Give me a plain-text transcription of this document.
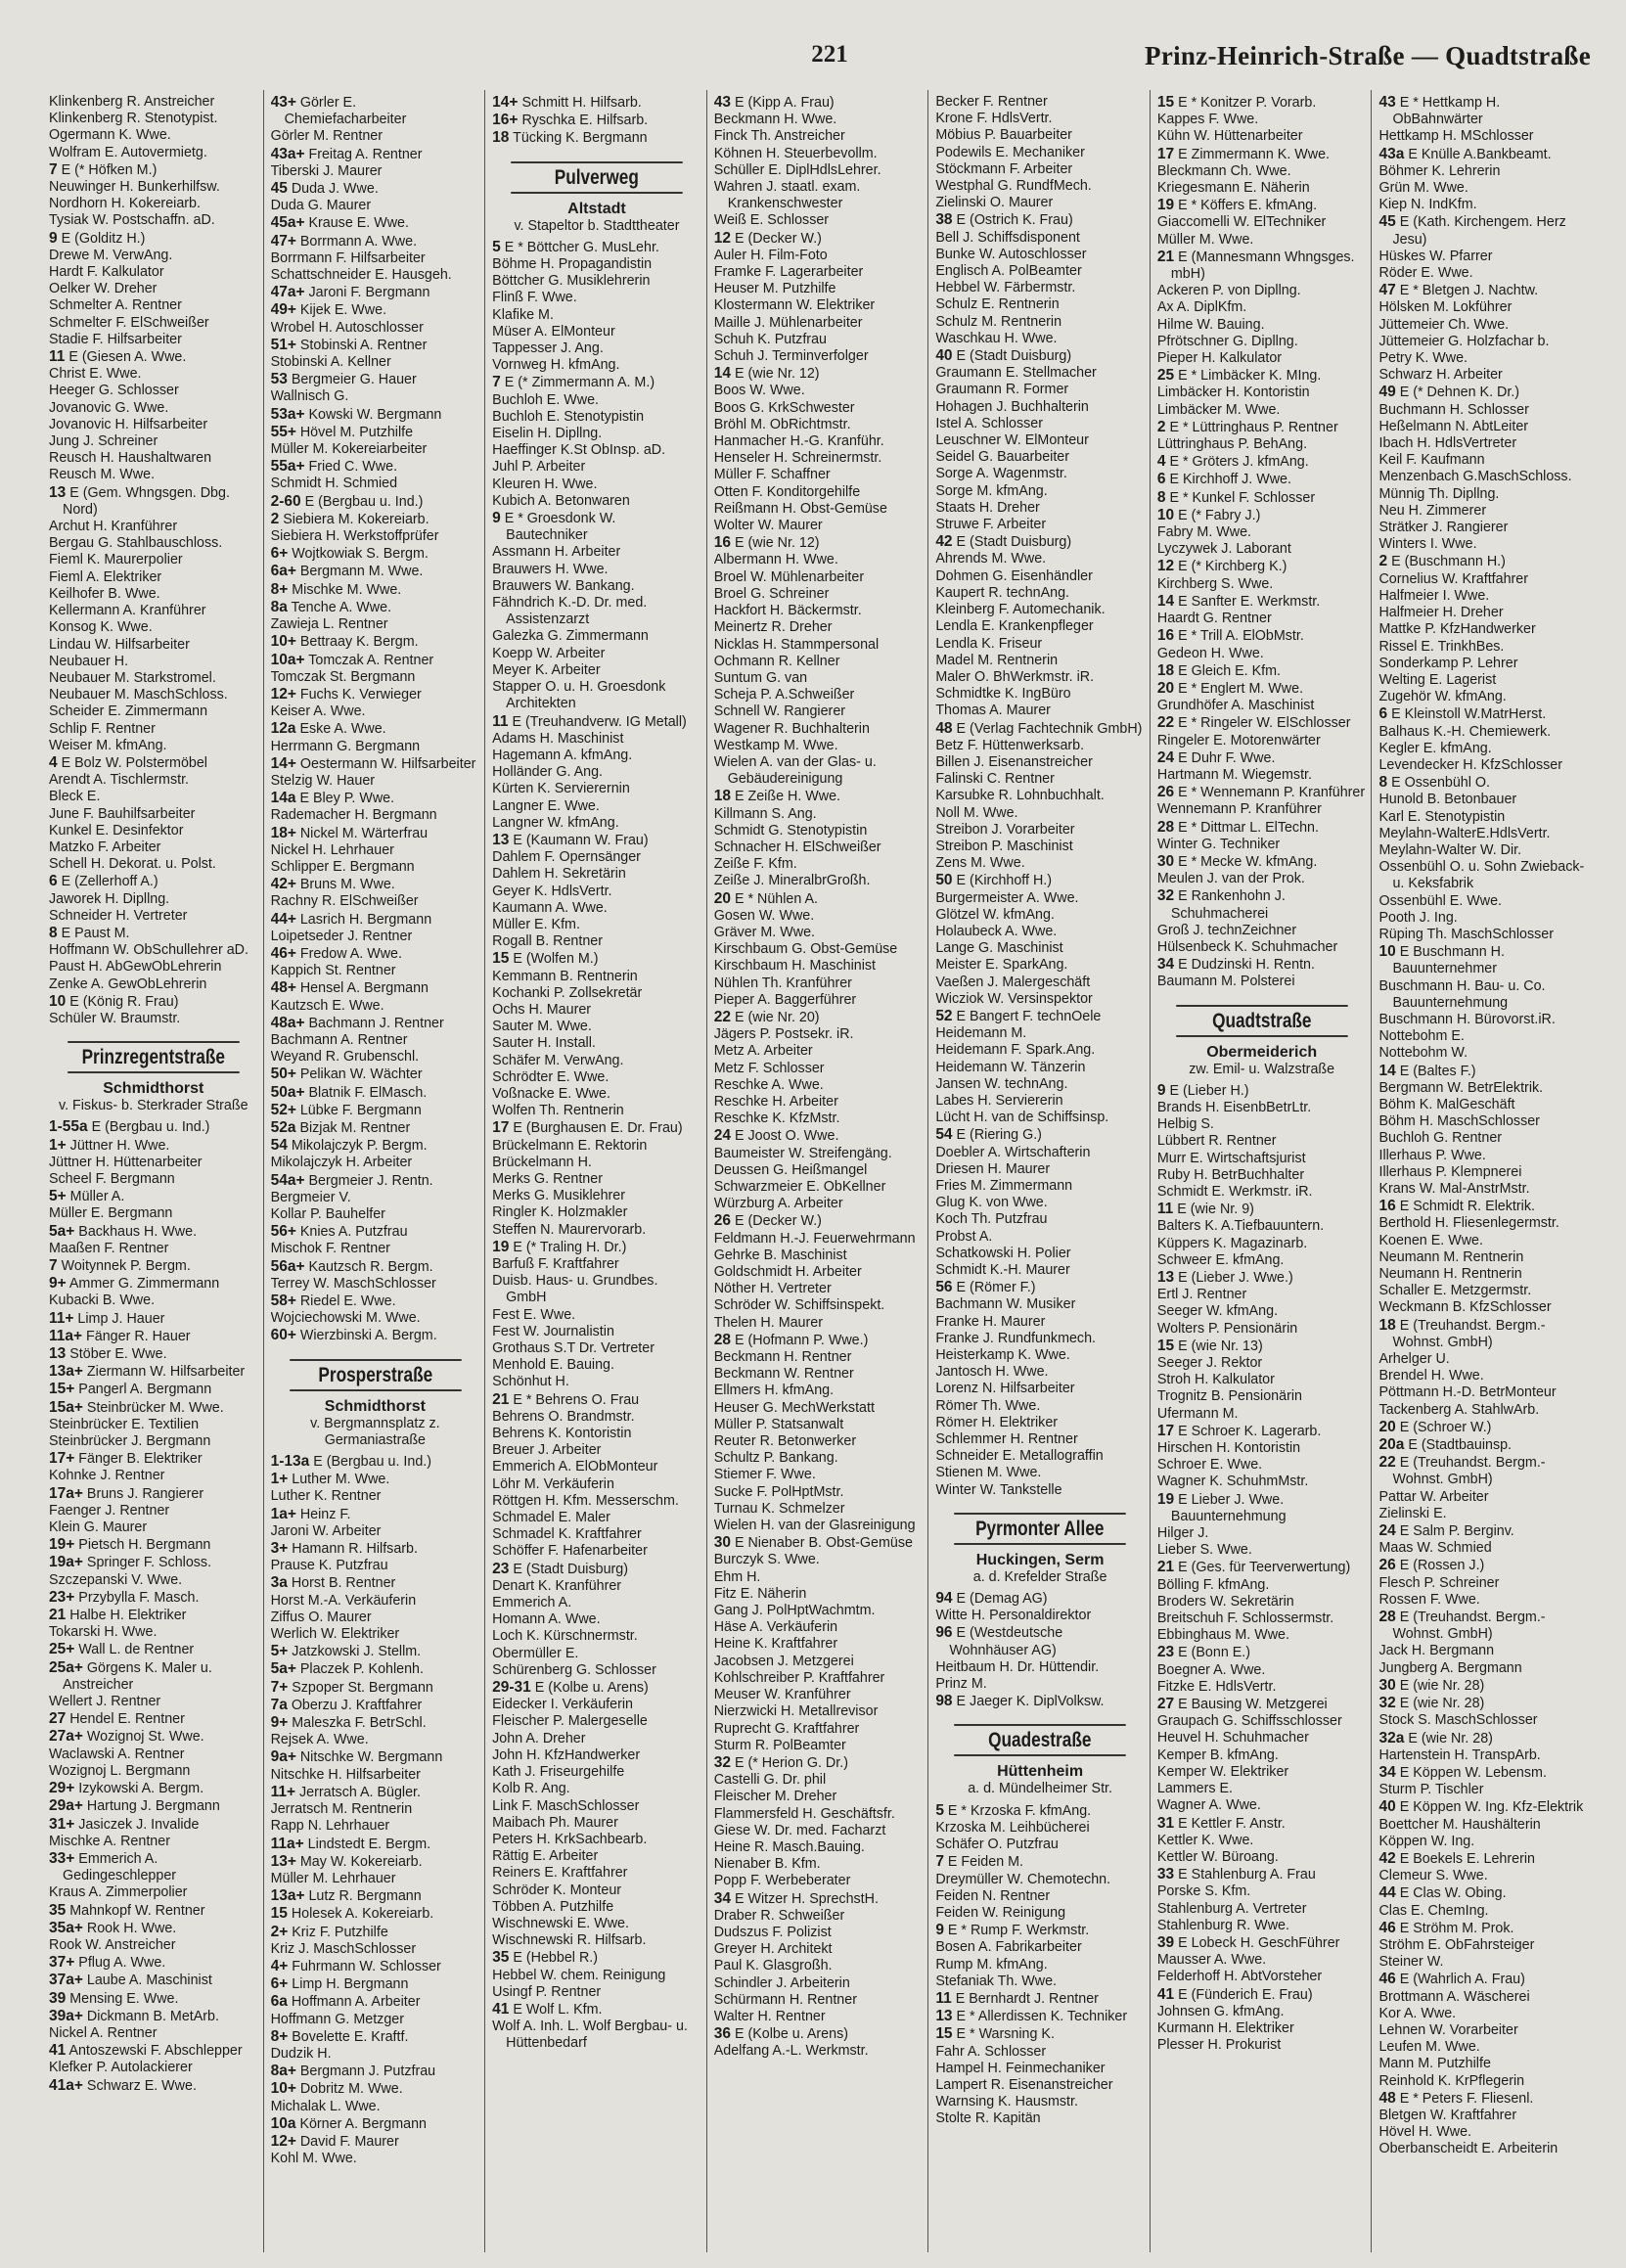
221	Prinz-Heinrich-Straße — Quadtstraße
Klinkenberg R. Anstreicher
Klinkenberg R. Stenotypist.
Ogermann K. Wwe.
Wolfram E. Autovermietg.
7 E (* Höfken M.)
Neuwinger H. Bunkerhilfsw.
Nordhorn H. Kokereiarb.
Tysiak W. Postschaffn. aD.
9 E (Golditz H.)
Drewe M. VerwAng.
Hardt F. Kalkulator
Oelker W. Dreher
Schmelter A. Rentner
Schmelter F. ElSchweißer
Stadie F. Hilfsarbeiter
11 E (Giesen A. Wwe.
Christ E. Wwe.
Heeger G. Schlosser
Jovanovic G. Wwe.
Jovanovic H. Hilfsarbeiter
Jung J. Schreiner
Reusch H. Haushaltwaren
Reusch M. Wwe.
13 E (Gem. Whngsgen. Dbg. Nord)
Archut H. Kranführer
Bergau G. Stahlbauschloss.
Fieml K. Maurerpolier
Fieml A. Elektriker
Keilhofer B. Wwe.
Kellermann A. Kranführer
Konsog K. Wwe.
Lindau W. Hilfsarbeiter
Neubauer H.
Neubauer M. Starkstromel.
Neubauer M. MaschSchloss.
Scheider E. Zimmermann
Schlip F. Rentner
Weiser M. kfmAng.
4 E Bolz W. Polstermöbel
Arendt A. Tischlermstr.
Bleck E.
June F. Bauhilfsarbeiter
Kunkel E. Desinfektor
Matzko F. Arbeiter
Schell H. Dekorat. u. Polst.
6 E (Zellerhoff A.)
Jaworek H. Dipllng.
Schneider H. Vertreter
8 E Paust M.
Hoffmann W. ObSchullehrer aD.
Paust H. AbGewObLehrerin
Zenke A. GewObLehrerin
10 E (König R. Frau)
Schüler W. Braumstr.
Prinzregentstraße
Schmidthorst
v. Fiskus- b. Sterkrader Straße
1-55a E (Bergbau u. Ind.)
1+ Jüttner H. Wwe.
Jüttner H. Hüttenarbeiter
Scheel F. Bergmann
5+ Müller A.
Müller E. Bergmann
5a+ Backhaus H. Wwe.
Maaßen F. Rentner
7 Woitynnek P. Bergm.
9+ Ammer G. Zimmermann
Kubacki B. Wwe.
11+ Limp J. Hauer
11a+ Fänger R. Hauer
13 Stöber E. Wwe.
13a+ Ziermann W. Hilfsarbeiter
15+ Pangerl A. Bergmann
15a+ Steinbrücker M. Wwe.
Steinbrücker E. Textilien
Steinbrücker J. Bergmann
17+ Fänger B. Elektriker
Kohnke J. Rentner
17a+ Bruns J. Rangierer
Faenger J. Rentner
Klein G. Maurer
19+ Pietsch H. Bergmann
19a+ Springer F. Schloss.
Szczepanski V. Wwe.
23+ Przybylla F. Masch.
21 Halbe H. Elektriker
Tokarski H. Wwe.
25+ Wall L. de Rentner
25a+ Görgens K. Maler u. Anstreicher
Wellert J. Rentner
27 Hendel E. Rentner
27a+ Wozignoj St. Wwe.
Waclawski A. Rentner
Wozignoj L. Bergmann
29+ Izykowski A. Bergm.
29a+ Hartung J. Bergmann
31+ Jasiczek J. Invalide
Mischke A. Rentner
33+ Emmerich A. Gedingeschlepper
Kraus A. Zimmerpolier
35 Mahnkopf W. Rentner
35a+ Rook H. Wwe.
Rook W. Anstreicher
37+ Pflug A. Wwe.
37a+ Laube A. Maschinist
39 Mensing E. Wwe.
39a+ Dickmann B. MetArb.
Nickel A. Rentner
41 Antoszewski F. Abschlepper
Klefker P. Autolackierer
41a+ Schwarz E. Wwe.
43+ Görler E. Chemiefacharbeiter
Görler M. Rentner
43a+ Freitag A. Rentner
Tiberski J. Maurer
45 Duda J. Wwe.
Duda G. Maurer
45a+ Krause E. Wwe.
47+ Borrmann A. Wwe.
Borrmann F. Hilfsarbeiter
Schattschneider E. Hausgeh.
47a+ Jaroni F. Bergmann
49+ Kijek E. Wwe.
Wrobel H. Autoschlosser
51+ Stobinski A. Rentner
Stobinski A. Kellner
53 Bergmeier G. Hauer
Wallnisch G.
53a+ Kowski W. Bergmann
55+ Hövel M. Putzhilfe
Müller M. Kokereiarbeiter
55a+ Fried C. Wwe.
Schmidt H. Schmied
2-60 E (Bergbau u. Ind.)
2 Siebiera M. Kokereiarb.
Siebiera H. Werkstoffprüfer
6+ Wojtkowiak S. Bergm.
6a+ Bergmann M. Wwe.
8+ Mischke M. Wwe.
8a Tenche A. Wwe.
Zawieja L. Rentner
10+ Bettraay K. Bergm.
10a+ Tomczak A. Rentner
Tomczak St. Bergmann
12+ Fuchs K. Verwieger
Keiser A. Wwe.
12a Eske A. Wwe.
Herrmann G. Bergmann
14+ Oestermann W. Hilfsarbeiter
Stelzig W. Hauer
14a E Bley P. Wwe.
Rademacher H. Bergmann
18+ Nickel M. Wärterfrau
Nickel H. Lehrhauer
Schlipper E. Bergmann
42+ Bruns M. Wwe.
Rachny R. ElSchweißer
44+ Lasrich H. Bergmann
Loipetseder J. Rentner
46+ Fredow A. Wwe.
Kappich St. Rentner
48+ Hensel A. Bergmann
Kautzsch E. Wwe.
48a+ Bachmann J. Rentner
Bachmann A. Rentner
Weyand R. Grubenschl.
50+ Pelikan W. Wächter
50a+ Blatnik F. ElMasch.
52+ Lübke F. Bergmann
52a Bizjak M. Rentner
54 Mikolajczyk P. Bergm.
Mikolajczyk H. Arbeiter
54a+ Bergmeier J. Rentn.
Bergmeier V.
Kollar P. Bauhelfer
56+ Knies A. Putzfrau
Mischok F. Rentner
56a+ Kautzsch R. Bergm.
Terrey W. MaschSchlosser
58+ Riedel E. Wwe.
Wojciechowski M. Wwe.
60+ Wierzbinski A. Bergm.
Prosperstraße
Schmidthorst
v. Bergmannsplatz z. Germaniastraße
1-13a E (Bergbau u. Ind.)
1+ Luther M. Wwe.
Luther K. Rentner
1a+ Heinz F.
Jaroni W. Arbeiter
3+ Hamann R. Hilfsarb.
Prause K. Putzfrau
3a Horst B. Rentner
Horst M.-A. Verkäuferin
Ziffus O. Maurer
Werlich W. Elektriker
5+ Jatzkowski J. Stellm.
5a+ Placzek P. Kohlenh.
7+ Szpoper St. Bergmann
7a Oberzu J. Kraftfahrer
9+ Maleszka F. BetrSchl.
Rejsek A. Wwe.
9a+ Nitschke W. Bergmann
Nitschke H. Hilfsarbeiter
11+ Jerratsch A. Bügler.
Jerratsch M. Rentnerin
Rapp N. Lehrhauer
11a+ Lindstedt E. Bergm.
13+ May W. Kokereiarb.
Müller M. Lehrhauer
13a+ Lutz R. Bergmann
15 Holesek A. Kokereiarb.
2+ Kriz F. Putzhilfe
Kriz J. MaschSchlosser
4+ Fuhrmann W. Schlosser
6+ Limp H. Bergmann
6a Hoffmann A. Arbeiter
Hoffmann G. Metzger
8+ Bovelette E. Kraftf.
Dudzik H.
8a+ Bergmann J. Putzfrau
10+ Dobritz M. Wwe.
Michalak L. Wwe.
10a Körner A. Bergmann
12+ David F. Maurer
Kohl M. Wwe.
14+ Schmitt H. Hilfsarb.
16+ Ryschka E. Hilfsarb.
18 Tücking K. Bergmann
Pulverweg
Altstadt
v. Stapeltor b. Stadttheater
5 E * Böttcher G. MusLehr.
Böhme H. Propagandistin
Böttcher G. Musiklehrerin
Flinß F. Wwe.
Klafike M.
Müser A. ElMonteur
Tappesser J. Ang.
Vornweg H. kfmAng.
7 E (* Zimmermann A. M.)
Buchloh E. Wwe.
Buchloh E. Stenotypistin
Eiselin H. Dipllng.
Haeffinger K.St ObInsp. aD.
Juhl P. Arbeiter
Kleuren H. Wwe.
Kubich A. Betonwaren
9 E * Groesdonk W. Bautechniker
Assmann H. Arbeiter
Brauwers H. Wwe.
Brauwers W. Bankang.
Fähndrich K.-D. Dr. med. Assistenzarzt
Galezka G. Zimmermann
Koepp W. Arbeiter
Meyer K. Arbeiter
Stapper O. u. H. Groesdonk Architekten
11 E (Treuhandverw. IG Metall)
Adams H. Maschinist
Hagemann A. kfmAng.
Holländer G. Ang.
Kürten K. Servierernin
Langner E. Wwe.
Langner W. kfmAng.
13 E (Kaumann W. Frau)
Dahlem F. Opernsänger
Dahlem H. Sekretärin
Geyer K. HdlsVertr.
Kaumann A. Wwe.
Müller E. Kfm.
Rogall B. Rentner
15 E (Wolfen M.)
Kemmann B. Rentnerin
Kochanki P. Zollsekretär
Ochs H. Maurer
Sauter M. Wwe.
Sauter H. Install.
Schäfer M. VerwAng.
Schrödter E. Wwe.
Voßnacke E. Wwe.
Wolfen Th. Rentnerin
17 E (Burghausen E. Dr. Frau)
Brückelmann E. Rektorin
Brückelmann H.
Merks G. Rentner
Merks G. Musiklehrer
Ringler K. Holzmakler
Steffen N. Maurervorarb.
19 E (* Traling H. Dr.)
Barfuß F. Kraftfahrer
Duisb. Haus- u. Grundbes. GmbH
Fest E. Wwe.
Fest W. Journalistin
Grothaus S.T Dr. Vertreter
Menhold E. Bauing.
Schönhut H.
21 E * Behrens O. Frau
Behrens O. Brandmstr.
Behrens K. Kontoristin
Breuer J. Arbeiter
Emmerich A. ElObMonteur
Löhr M. Verkäuferin
Röttgen H. Kfm. Messerschm.
Schmadel E. Maler
Schmadel K. Kraftfahrer
Schöffer F. Hafenarbeiter
23 E (Stadt Duisburg)
Denart K. Kranführer
Emmerich A.
Homann A. Wwe.
Loch K. Kürschnermstr.
Obermüller E.
Schürenberg G. Schlosser
29-31 E (Kolbe u. Arens)
Eidecker I. Verkäuferin
Fleischer P. Malergeselle
John A. Dreher
John H. KfzHandwerker
Kath J. Friseurgehilfe
Kolb R. Ang.
Link F. MaschSchlosser
Maibach Ph. Maurer
Peters H. KrkSachbearb.
Rättig E. Arbeiter
Reiners E. Kraftfahrer
Schröder K. Monteur
Többen A. Putzhilfe
Wischnewski E. Wwe.
Wischnewski R. Hilfsarb.
35 E (Hebbel R.)
Hebbel W. chem. Reinigung
Usingf P. Rentner
41 E Wolf L. Kfm.
Wolf A. Inh. L. Wolf Bergbau- u. Hüttenbedarf
43 E (Kipp A. Frau)
Beckmann H. Wwe.
Finck Th. Anstreicher
Köhnen H. Steuerbevollm.
Schüller E. DiplHdlsLehrer.
Wahren J. staatl. exam. Krankenschwester
Weiß E. Schlosser
12 E (Decker W.)
Auler H. Film-Foto
Framke F. Lagerarbeiter
Heuser M. Putzhilfe
Klostermann W. Elektriker
Maille J. Mühlenarbeiter
Schuh K. Putzfrau
Schuh J. Terminverfolger
14 E (wie Nr. 12)
Boos W. Wwe.
Boos G. KrkSchwester
Bröhl M. ObRichtmstr.
Hanmacher H.-G. Kranführ.
Henseler H. Schreinermstr.
Müller F. Schaffner
Otten F. Konditorgehilfe
Reißmann H. Obst-Gemüse
Wolter W. Maurer
16 E (wie Nr. 12)
Albermann H. Wwe.
Broel W. Mühlenarbeiter
Broel G. Schreiner
Hackfort H. Bäckermstr.
Meinertz R. Dreher
Nicklas H. Stammpersonal
Ochmann R. Kellner
Suntum G. van
Scheja P. A.Schweißer
Schnell W. Rangierer
Wagener R. Buchhalterin
Westkamp M. Wwe.
Wielen A. van der Glas- u. Gebäudereinigung
18 E Zeiße H. Wwe.
Killmann S. Ang.
Schmidt G. Stenotypistin
Schnacher H. ElSchweißer
Zeiße F. Kfm.
Zeiße J. MineralbrGroßh.
20 E * Nühlen A.
Gosen W. Wwe.
Gräver M. Wwe.
Kirschbaum G. Obst-Gemüse
Kirschbaum H. Maschinist
Nühlen Th. Kranführer
Pieper A. Baggerführer
22 E (wie Nr. 20)
Jägers P. Postsekr. iR.
Metz A. Arbeiter
Metz F. Schlosser
Reschke A. Wwe.
Reschke H. Arbeiter
Reschke K. KfzMstr.
24 E Joost O. Wwe.
Baumeister W. Streifengäng.
Deussen G. Heißmangel
Schwarzmeier E. ObKellner
Würzburg A. Arbeiter
26 E (Decker W.)
Feldmann H.-J. Feuerwehrmann
Gehrke B. Maschinist
Goldschmidt H. Arbeiter
Nöther H. Vertreter
Schröder W. Schiffsinspekt.
Thelen H. Maurer
28 E (Hofmann P. Wwe.)
Beckmann H. Rentner
Beckmann W. Rentner
Ellmers H. kfmAng.
Heuser G. MechWerkstatt
Müller P. Statsanwalt
Reuter R. Betonwerker
Schultz P. Bankang.
Stiemer F. Wwe.
Sucke F. PolHptMstr.
Turnau K. Schmelzer
Wielen H. van der Glasreinigung
30 E Nienaber B. Obst-Gemüse
Burczyk S. Wwe.
Ehm H.
Fitz E. Näherin
Gang J. PolHptWachmtm.
Häse A. Verkäuferin
Heine K. Kraftfahrer
Jacobsen J. Metzgerei
Kohlschreiber P. Kraftfahrer
Meuser W. Kranführer
Nierzwicki H. Metallrevisor
Ruprecht G. Kraftfahrer
Sturm R. PolBeamter
32 E (* Herion G. Dr.)
Castelli G. Dr. phil
Fleischer M. Dreher
Flammersfeld H. Geschäftsfr.
Giese W. Dr. med. Facharzt
Heine R. Masch.Bauing.
Nienaber B. Kfm.
Popp F. Werbeberater
34 E Witzer H. SprechstH.
Draber R. Schweißer
Dudszus F. Polizist
Greyer H. Architekt
Paul K. Glasgroßh.
Schindler J. Arbeiterin
Schürmann H. Rentner
Walter H. Rentner
36 E (Kolbe u. Arens)
Adelfang A.-L. Werkmstr.
Becker F. Rentner
Krone F. HdlsVertr.
Möbius P. Bauarbeiter
Podewils E. Mechaniker
Stöckmann F. Arbeiter
Westphal G. RundfMech.
Zielinski O. Maurer
38 E (Ostrich K. Frau)
Bell J. Schiffsdisponent
Bunke W. Autoschlosser
Englisch A. PolBeamter
Hebbel W. Färbermstr.
Schulz E. Rentnerin
Schulz M. Rentnerin
Waschkau H. Wwe.
40 E (Stadt Duisburg)
Graumann E. Stellmacher
Graumann R. Former
Hohagen J. Buchhalterin
Istel A. Schlosser
Leuschner W. ElMonteur
Seidel G. Bauarbeiter
Sorge A. Wagenmstr.
Sorge M. kfmAng.
Staats H. Dreher
Struwe F. Arbeiter
42 E (Stadt Duisburg)
Ahrends M. Wwe.
Dohmen G. Eisenhändler
Kaupert R. technAng.
Kleinberg F. Automechanik.
Lendla E. Krankenpfleger
Lendla K. Friseur
Madel M. Rentnerin
Maler O. BhWerkmstr. iR.
Schmidtke K. IngBüro
Thomas A. Maurer
48 E (Verlag Fachtechnik GmbH)
Betz F. Hüttenwerksarb.
Billen J. Eisenanstreicher
Falinski C. Rentner
Karsubke R. Lohnbuchhalt.
Noll M. Wwe.
Streibon J. Vorarbeiter
Streibon P. Maschinist
Zens M. Wwe.
50 E (Kirchhoff H.)
Burgermeister A. Wwe.
Glötzel W. kfmAng.
Holaubeck A. Wwe.
Lange G. Maschinist
Meister E. SparkAng.
Vaeßen J. Malergeschäft
Wicziok W. Versinspektor
52 E Bangert F. technOele
Heidemann M.
Heidemann F. Spark.Ang.
Heidemann W. Tänzerin
Jansen W. technAng.
Labes H. Serviererin
Lücht H. van de Schiffsinsp.
54 E (Riering G.)
Doebler A. Wirtschafterin
Driesen H. Maurer
Fries M. Zimmermann
Glug K. von Wwe.
Koch Th. Putzfrau
Probst A.
Schatkowski H. Polier
Schmidt K.-H. Maurer
56 E (Römer F.)
Bachmann W. Musiker
Franke H. Maurer
Franke J. Rundfunkmech.
Heisterkamp K. Wwe.
Jantosch H. Wwe.
Lorenz N. Hilfsarbeiter
Römer Th. Wwe.
Römer H. Elektriker
Schlemmer H. Rentner
Schneider E. Metallograffin
Stienen M. Wwe.
Winter W. Tankstelle
Pyrmonter Allee
Huckingen, Serm
a. d. Krefelder Straße
94 E (Demag AG)
Witte H. Personaldirektor
96 E (Westdeutsche Wohnhäuser AG)
Heitbaum H. Dr. Hüttendir.
Prinz M.
98 E Jaeger K. DiplVolksw.
Quadestraße
Hüttenheim
a. d. Mündelheimer Str.
5 E * Krzoska F. kfmAng.
Krzoska M. Leihbücherei
Schäfer O. Putzfrau
7 E Feiden M.
Dreymüller W. Chemotechn.
Feiden N. Rentner
Feiden W. Reinigung
9 E * Rump F. Werkmstr.
Bosen A. Fabrikarbeiter
Rump M. kfmAng.
Stefaniak Th. Wwe.
11 E Bernhardt J. Rentner
13 E * Allerdissen K. Techniker
15 E * Warsning K.
Fahr A. Schlosser
Hampel H. Feinmechaniker
Lampert R. Eisenanstreicher
Warnsing K. Hausmstr.
Stolte R. Kapitän
15 E * Konitzer P. Vorarb.
Kappes F. Wwe.
Kühn W. Hüttenarbeiter
17 E Zimmermann K. Wwe.
Bleckmann Ch. Wwe.
Kriegesmann E. Näherin
19 E * Köffers E. kfmAng.
Giaccomelli W. ElTechniker
Müller M. Wwe.
21 E (Mannesmann Whngsges. mbH)
Ackeren P. von Dipllng.
Ax A. DiplKfm.
Hilme W. Bauing.
Pfrötschner G. Dipllng.
Pieper H. Kalkulator
25 E * Limbäcker K. MIng.
Limbäcker H. Kontoristin
Limbäcker M. Wwe.
2 E * Lüttringhaus P. Rentner
Lüttringhaus P. BehAng.
4 E * Gröters J. kfmAng.
6 E Kirchhoff J. Wwe.
8 E * Kunkel F. Schlosser
10 E (* Fabry J.)
Fabry M. Wwe.
Lyczywek J. Laborant
12 E (* Kirchberg K.)
Kirchberg S. Wwe.
14 E Sanfter E. Werkmstr.
Haardt G. Rentner
16 E * Trill A. ElObMstr.
Gedeon H. Wwe.
18 E Gleich E. Kfm.
20 E * Englert M. Wwe.
Grundhöfer A. Maschinist
22 E * Ringeler W. ElSchlosser
Ringeler E. Motorenwärter
24 E Duhr F. Wwe.
Hartmann M. Wiegemstr.
26 E * Wennemann P. Kranführer
Wennemann P. Kranführer
28 E * Dittmar L. ElTechn.
Winter G. Techniker
30 E * Mecke W. kfmAng.
Meulen J. van der Prok.
32 E Rankenhohn J. Schuhmacherei
Groß J. technZeichner
Hülsenbeck K. Schuhmacher
34 E Dudzinski H. Rentn.
Baumann M. Polsterei
Quadtstraße
Obermeiderich
zw. Emil- u. Walzstraße
9 E (Lieber H.)
Brands H. EisenbBetrLtr.
Helbig S.
Lübbert R. Rentner
Murr E. Wirtschaftsjurist
Ruby H. BetrBuchhalter
Schmidt E. Werkmstr. iR.
11 E (wie Nr. 9)
Balters K. A.Tiefbauuntern.
Küppers K. Magazinarb.
Schweer E. kfmAng.
13 E (Lieber J. Wwe.)
Ertl J. Rentner
Seeger W. kfmAng.
Wolters P. Pensionärin
15 E (wie Nr. 13)
Seeger J. Rektor
Stroh H. Kalkulator
Trognitz B. Pensionärin
Ufermann M.
17 E Schroer K. Lagerarb.
Hirschen H. Kontoristin
Schroer E. Wwe.
Wagner K. SchuhmMstr.
19 E Lieber J. Wwe. Bauunternehmung
Hilger J.
Lieber S. Wwe.
21 E (Ges. für Teerverwertung)
Bölling F. kfmAng.
Broders W. Sekretärin
Breitschuh F. Schlossermstr.
Ebbinghaus M. Wwe.
23 E (Bonn E.)
Boegner A. Wwe.
Fitzke E. HdlsVertr.
27 E Bausing W. Metzgerei
Graupach G. Schiffsschlosser
Heuvel H. Schuhmacher
Kemper B. kfmAng.
Kemper W. Elektriker
Lammers E.
Wagner A. Wwe.
31 E Kettler F. Anstr.
Kettler K. Wwe.
Kettler W. Büroang.
33 E Stahlenburg A. Frau
Porske S. Kfm.
Stahlenburg A. Vertreter
Stahlenburg R. Wwe.
39 E Lobeck H. GeschFührer
Mausser A. Wwe.
Felderhoff H. AbtVorsteher
41 E (Fünderich E. Frau)
Johnsen G. kfmAng.
Kurmann H. Elektriker
Plesser H. Prokurist
43 E * Hettkamp H. ObBahnwärter
Hettkamp H. MSchlosser
43a E Knülle A.Bankbeamt.
Böhmer K. Lehrerin
Grün M. Wwe.
Kiep N. IndKfm.
45 E (Kath. Kirchengem. Herz Jesu)
Hüskes W. Pfarrer
Röder E. Wwe.
47 E * Bletgen J. Nachtw.
Hölsken M. Lokführer
Jüttemeier Ch. Wwe.
Jüttemeier G. Holzfachar b.
Petry K. Wwe.
Schwarz H. Arbeiter
49 E (* Dehnen K. Dr.)
Buchmann H. Schlosser
Heßelmann N. AbtLeiter
Ibach H. HdlsVertreter
Keil F. Kaufmann
Menzenbach G.MaschSchloss.
Münnig Th. Dipllng.
Neu H. Zimmerer
Strätker J. Rangierer
Winters I. Wwe.
2 E (Buschmann H.)
Cornelius W. Kraftfahrer
Halfmeier I. Wwe.
Halfmeier H. Dreher
Mattke P. KfzHandwerker
Rissel E. TrinkhBes.
Sonderkamp P. Lehrer
Welting E. Lagerist
Zugehör W. kfmAng.
6 E Kleinstoll W.MatrHerst.
Balhaus K.-H. Chemiewerk.
Kegler E. kfmAng.
Levendecker H. KfzSchlosser
8 E Ossenbühl O.
Hunold B. Betonbauer
Karl E. Stenotypistin
Meylahn-WalterE.HdlsVertr.
Meylahn-Walter W. Dir.
Ossenbühl O. u. Sohn Zwieback- u. Keksfabrik
Ossenbühl E. Wwe.
Pooth J. Ing.
Rüping Th. MaschSchlosser
10 E Buschmann H. Bauunternehmer
Buschmann H. Bau- u. Co. Bauunternehmung
Buschmann H. Bürovorst.iR.
Nottebohm E.
Nottebohm W.
14 E (Baltes F.)
Bergmann W. BetrElektrik.
Böhm K. MalGeschäft
Böhm H. MaschSchlosser
Buchloh G. Rentner
Illerhaus P. Wwe.
Illerhaus P. Klempnerei
Krans W. Mal-AnstrMstr.
16 E Schmidt R. Elektrik.
Berthold H. Fliesenlegermstr.
Koenen E. Wwe.
Neumann M. Rentnerin
Neumann H. Rentnerin
Schaller E. Metzgermstr.
Weckmann B. KfzSchlosser
18 E (Treuhandst. Bergm.- Wohnst. GmbH)
Arhelger U.
Brendel H. Wwe.
Pöttmann H.-D. BetrMonteur
Tackenberg A. StahlwArb.
20 E (Schroer W.)
20a E (Stadtbauinsp.
22 E (Treuhandst. Bergm.- Wohnst. GmbH)
Pattar W. Arbeiter
Zielinski E.
24 E Salm P. Berginv.
Maas W. Schmied
26 E (Rossen J.)
Flesch P. Schreiner
Rossen F. Wwe.
28 E (Treuhandst. Bergm.- Wohnst. GmbH)
Jack H. Bergmann
Jungberg A. Bergmann
30 E (wie Nr. 28)
32 E (wie Nr. 28)
Stock S. MaschSchlosser
32a E (wie Nr. 28)
Hartenstein H. TranspArb.
34 E Köppen W. Lebensm.
Sturm P. Tischler
40 E Köppen W. Ing. Kfz-Elektrik
Boettcher M. Haushälterin
Köppen W. Ing.
42 E Boekels E. Lehrerin
Clemeur S. Wwe.
44 E Clas W. Obing.
Clas E. ChemIng.
46 E Ströhm M. Prok.
Ströhm E. ObFahrsteiger
Steiner W.
46 E (Wahrlich A. Frau)
Brottmann A. Wäscherei
Kor A. Wwe.
Lehnen W. Vorarbeiter
Leufen M. Wwe.
Mann M. Putzhilfe
Reinhold K. KrPflegerin
48 E * Peters F. Fliesenl.
Bletgen W. Kraftfahrer
Hövel H. Wwe.
Oberbanscheidt E. Arbeiterin
